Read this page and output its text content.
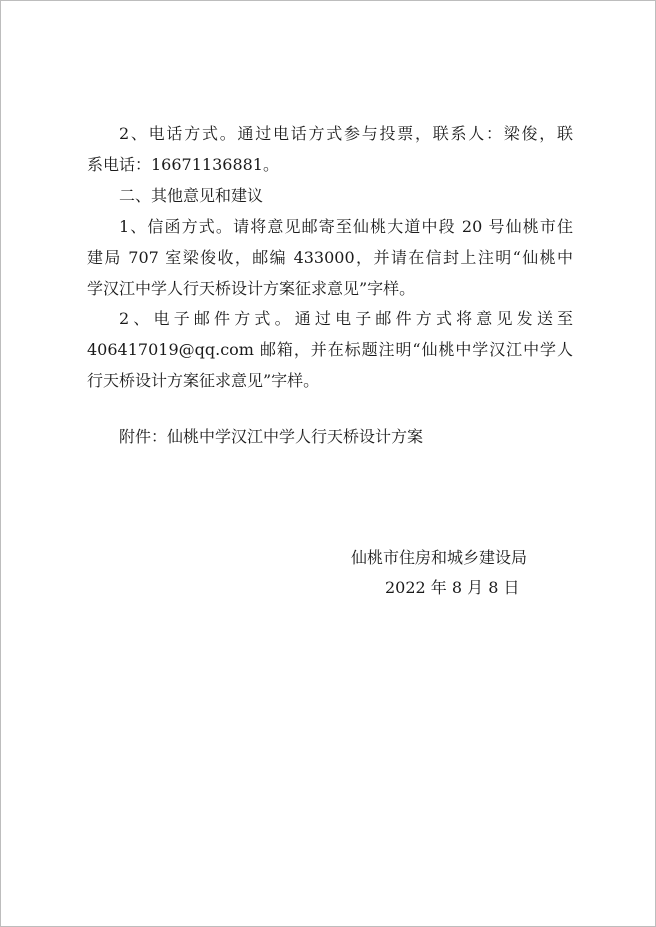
2、电话方式。通过电话方式参与投票，联系人：梁俊，联
系电话：16671136881。
二、其他意见和建议
1、信函方式。请将意见邮寄至仙桃大道中段 20 号仙桃市住
建局 707 室梁俊收，邮编 433000，并请在信封上注明“仙桃中
学汉江中学人行天桥设计方案征求意见”字样。
2、电子邮件方式。通过电子邮件方式将意见发送至
406417019@qq.com 邮箱，并在标题注明“仙桃中学汉江中学人
行天桥设计方案征求意见”字样。
附件：仙桃中学汉江中学人行天桥设计方案
仙桃市住房和城乡建设局
2022 年 8 月 8 日
